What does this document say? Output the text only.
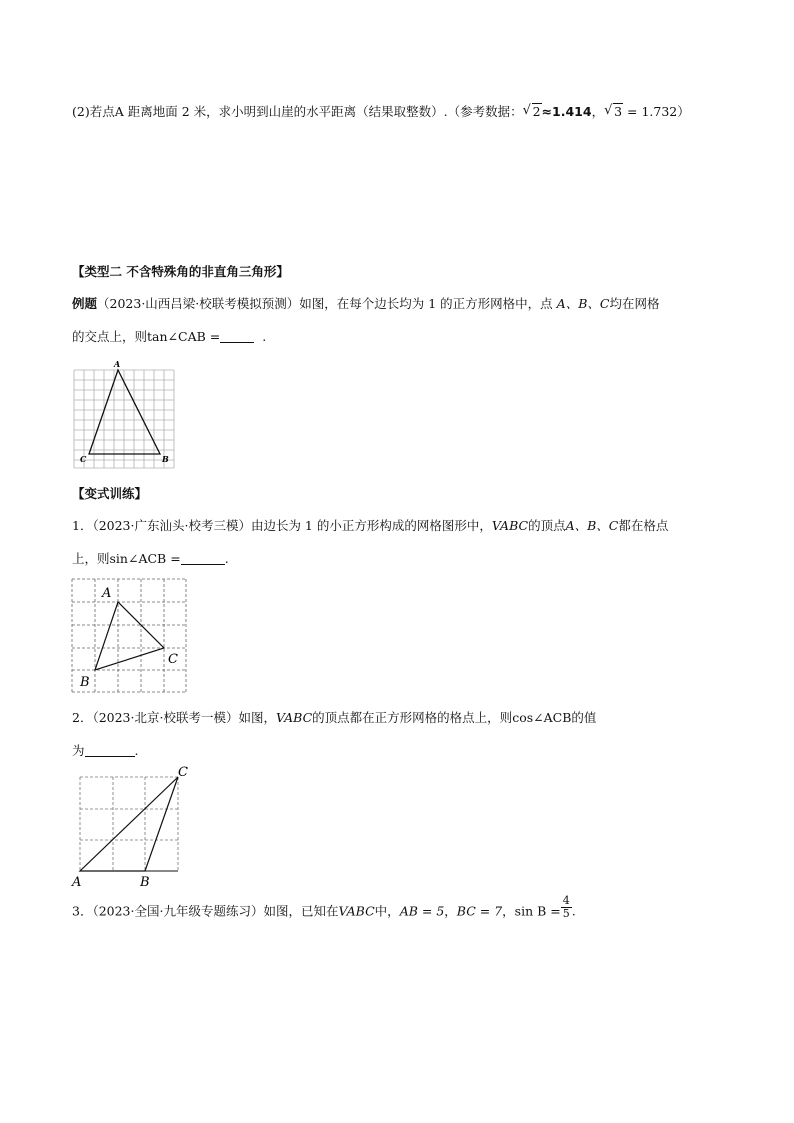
(2)若点A 距离地面 2 米，求小明到山崖的水平距离（结果取整数）.（参考数据： √ 2≈1.414， √ 3 = 1.732）
【类型二 不含特殊角的非直角三角形】
例题（2023·山西吕梁·校联考模拟预测）如图，在每个边长均为 1 的正方形网格中，点 A、B、C均在网格
的交点上，则tan∠CAB =	.
A
C	B
【变式训练】
1．（2023·广东汕头·校考三模）由边长为 1 的小正方形构成的网格图形中，VABC的顶点A、B、C都在格点
上，则sin∠ACB =	.
A
B
C
2．（2023·北京·校联考一模）如图，VABC的顶点都在正方形网格的格点上，则cos∠ACB的值
为	.
A	B
C
3．（2023·全国·九年级专题练习）如图，已知在VABC中，AB = 5，BC = 7，$\sin B = \frac{4}{5}$ .
